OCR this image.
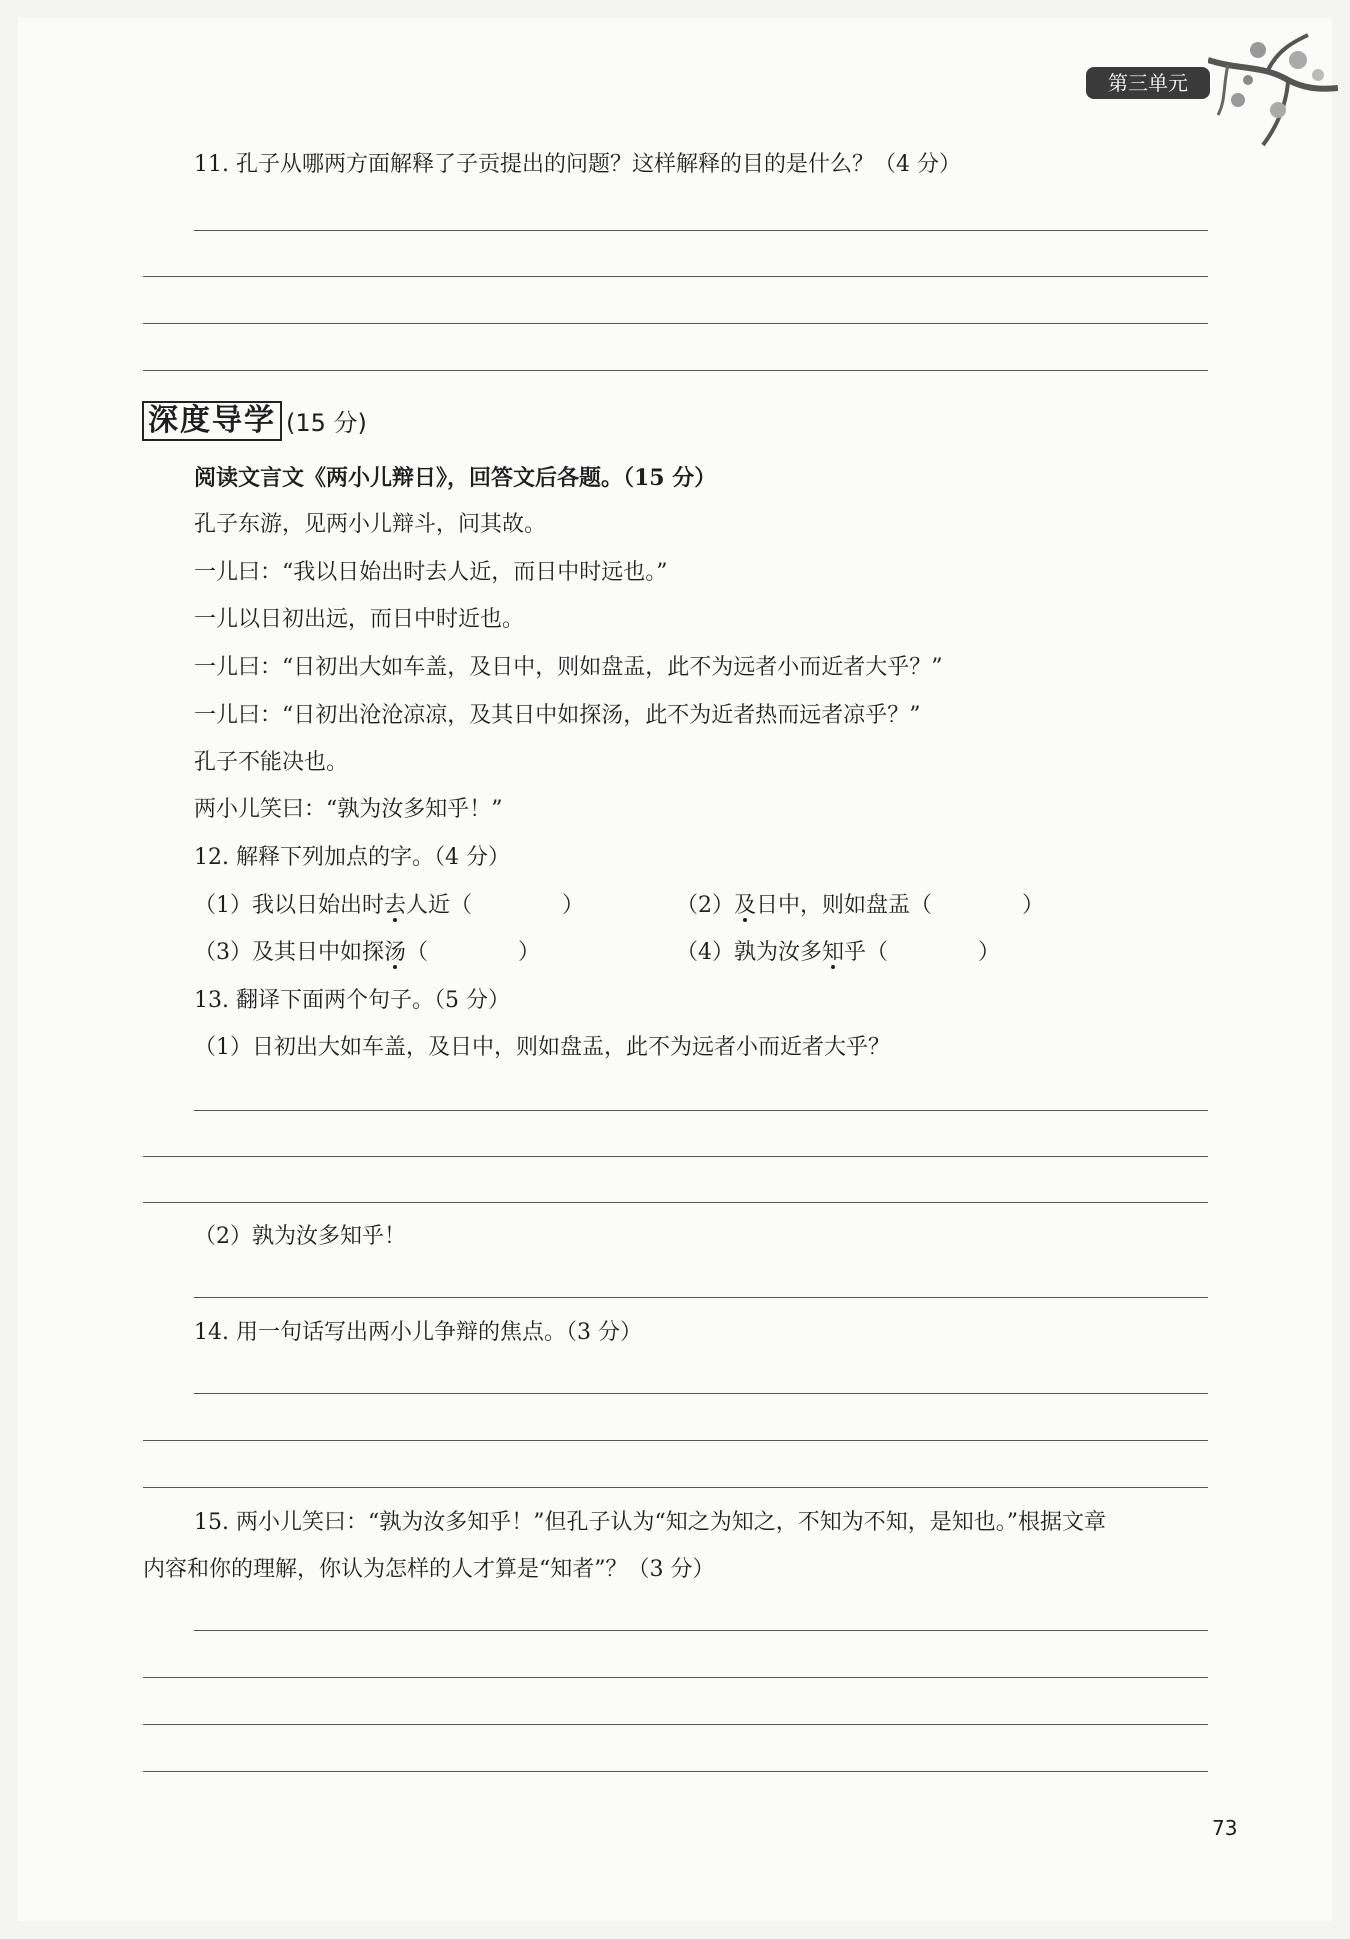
第三单元
11. 孔子从哪两方面解释了子贡提出的问题？这样解释的目的是什么？（4 分）
深度导学 (15 分)
阅读文言文《两小儿辩日》，回答文后各题。（15 分）
孔子东游，见两小儿辩斗，问其故。
一儿曰：“我以日始出时去人近，而日中时远也。”
一儿以日初出远，而日中时近也。
一儿曰：“日初出大如车盖，及日中，则如盘盂，此不为远者小而近者大乎？”
一儿曰：“日初出沧沧凉凉，及其日中如探汤，此不为近者热而远者凉乎？”
孔子不能决也。
两小儿笑曰：“孰为汝多知乎！”
12. 解释下列加点的字。（4 分）
（1）我以日始出时去人近（	）	（2）及日中，则如盘盂（	）
（3）及其日中如探汤（	）	（4）孰为汝多知乎（	）
13. 翻译下面两个句子。（5 分）
（1）日初出大如车盖，及日中，则如盘盂，此不为远者小而近者大乎？
（2）孰为汝多知乎！
14. 用一句话写出两小儿争辩的焦点。（3 分）
15. 两小儿笑曰：“孰为汝多知乎！”但孔子认为“知之为知之，不知为不知，是知也。”根据文章
内容和你的理解，你认为怎样的人才算是“知者”？（3 分）
73
